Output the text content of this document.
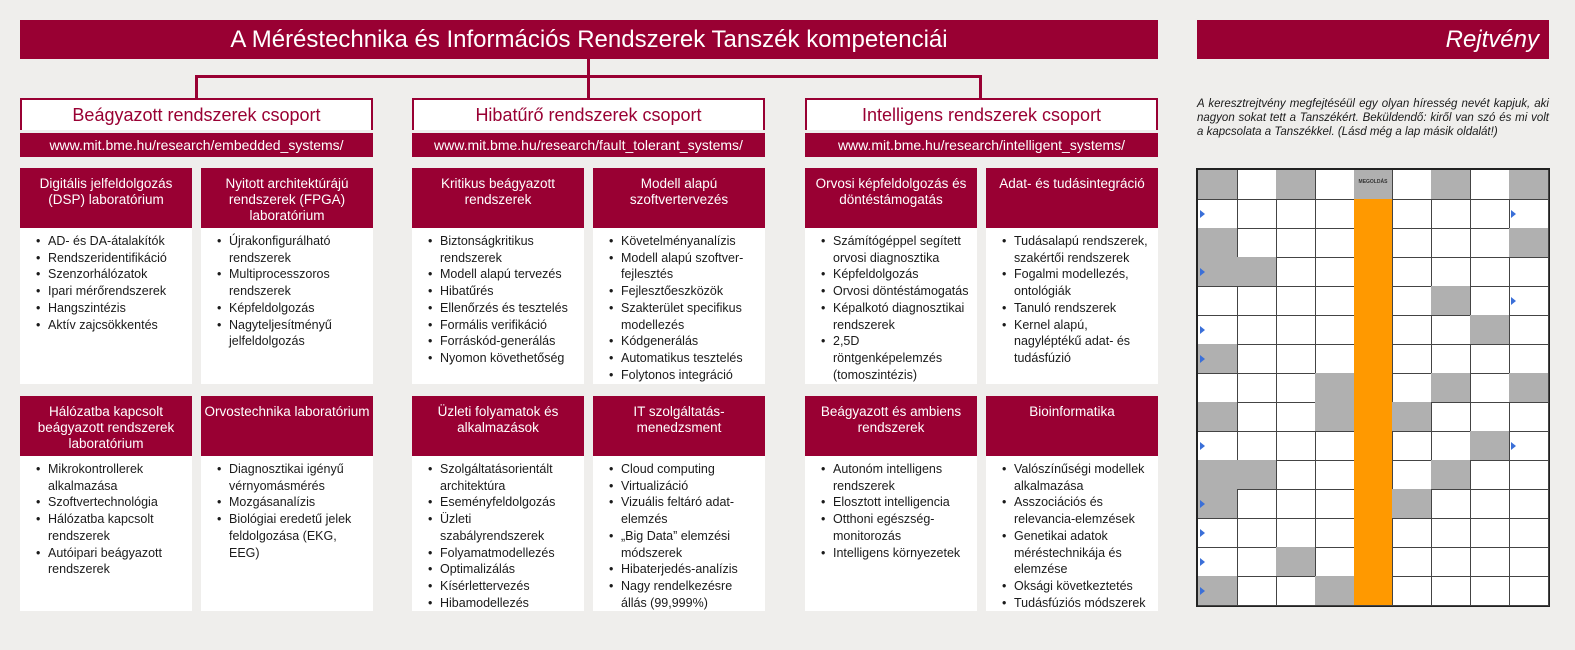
A Méréstechnika és Információs Rendszerek Tanszék kompetenciái
Beágyazott rendszerek csoport
www.mit.bme.hu/research/embedded_systems/
Digitális jelfeldolgozás (DSP) laboratórium
• AD- és DA-átalakítók
• Rendszeridentifikáció
• Szenzorhálózatok
• Ipari mérőrendszerek
• Hangszintézis
• Aktív zajcsökkentés
Nyitott architektúrájú rendszerek (FPGA) laboratórium
• Újrakonfigurálható rendszerek
• Multiprocesszoros rendszerek
• Képfeldolgozás
• Nagyteljesítményű jelfeldolgozás
Hálózatba kapcsolt beágyazott rendszerek laboratórium
• Mikrokontrollerek alkalmazása
• Szoftvertechnológia
• Hálózatba kapcsolt rendszerek
• Autóipari beágyazott rendszerek
Orvostechnika laboratórium
• Diagnosztikai igényű vérnyomásmérés
• Mozgásanalízis
• Biológiai eredetű jelek feldolgozása (EKG, EEG)
Hibatűrő rendszerek csoport
www.mit.bme.hu/research/fault_tolerant_systems/
Kritikus beágyazott rendszerek
• Biztonságkritikus rendszerek
• Modell alapú tervezés
• Hibatűrés
• Ellenőrzés és tesztelés
• Formális verifikáció
• Forráskód-generálás
• Nyomon követhetőség
Modell alapú szoftvertervezés
• Követelményanalízis
• Modell alapú szoftver-fejlesztés
• Fejlesztőeszközök
• Szakterület specifikus modellezés
• Kódgenerálás
• Automatikus tesztelés
• Folytonos integráció
Üzleti folyamatok és alkalmazások
• Szolgáltatásorientált architektúra
• Eseményfeldolgozás
• Üzleti szabályrendszerek
• Folyamatmodellezés
• Optimalizálás
• Kísérlettervezés
• Hibamodellezés
IT szolgáltatás-menedzsment
• Cloud computing
• Virtualizáció
• Vizuális feltáró adat-elemzés
• „Big Data” elemzési módszerek
• Hibaterjedés-analízis
• Nagy rendelkezésre állás (99,999%)
Intelligens rendszerek csoport
www.mit.bme.hu/research/intelligent_systems/
Orvosi képfeldolgozás és döntéstámogatás
• Számítógéppel segített orvosi diagnosztika
• Képfeldolgozás
• Orvosi döntéstámogatás
• Képalkotó diagnosztikai rendszerek
• 2,5D röntgenképelemzés (tomoszintézis)
Adat- és tudásintegráció
• Tudásalapú rendszerek, szakértői rendszerek
• Fogalmi modellezés, ontológiák
• Tanuló rendszerek
• Kernel alapú, nagyléptékű adat- és tudásfúzió
Beágyazott és ambiens rendszerek
• Autonóm intelligens rendszerek
• Elosztott intelligencia
• Otthoni egészség-monitorozás
• Intelligens környezetek
Bioinformatika
• Valószínűségi modellek alkalmazása
• Asszociációs és relevancia-elemzések
• Genetikai adatok méréstechnikája és elemzése
• Oksági következtetés
• Tudásfúziós módszerek
Rejtvény
A keresztrejtvény megfejtéséül egy olyan híresség nevét kapjuk, aki nagyon sokat tett a Tanszékért. Beküldendő: kiről van szó és mi volt a kapcsolata a Tanszékkel. (Lásd még a lap másik oldalát!)
MEGOLDÁS
